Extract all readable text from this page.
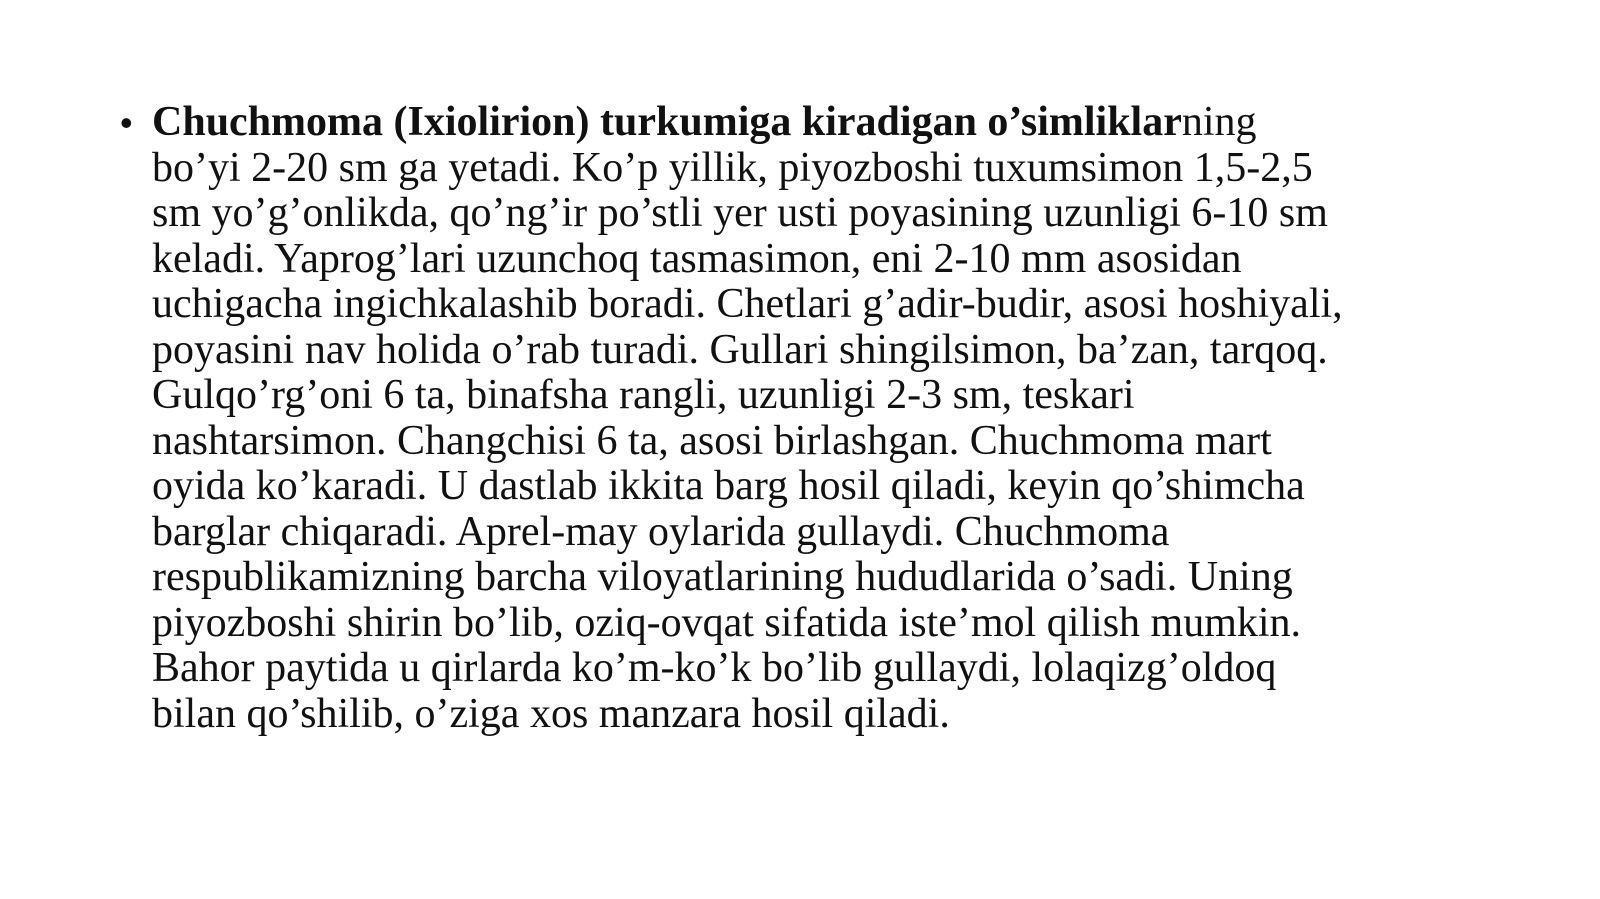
• Chuchmoma (Ixiolirion) turkumiga kiradigan o’simliklarning
bo’yi 2-20 sm ga yetadi. Ko’p yillik, piyozboshi tuxumsimon 1,5-2,5
sm yo’g’onlikda, qo’ng’ir po’stli yer usti poyasining uzunligi 6-10 sm
keladi. Yaprog’lari uzunchoq tasmasimon, eni 2-10 mm asosidan
uchigacha ingichkalashib boradi. Chetlari g’adir-budir, asosi hoshiyali,
poyasini nav holida o’rab turadi. Gullari shingilsimon, ba’zan, tarqoq.
Gulqo’rg’oni 6 ta, binafsha rangli, uzunligi 2-3 sm, teskari
nashtarsimon. Changchisi 6 ta, asosi birlashgan. Chuchmoma mart
oyida ko’karadi. U dastlab ikkita barg hosil qiladi, keyin qo’shimcha
barglar chiqaradi. Aprel-may oylarida gullaydi. Chuchmoma
respublikamizning barcha viloyatlarining hududlarida o’sadi. Uning
piyozboshi shirin bo’lib, oziq-ovqat sifatida iste’mol qilish mumkin.
Bahor paytida u qirlarda ko’m-ko’k bo’lib gullaydi, lolaqizg’oldoq
bilan qo’shilib, o’ziga xos manzara hosil qiladi.
